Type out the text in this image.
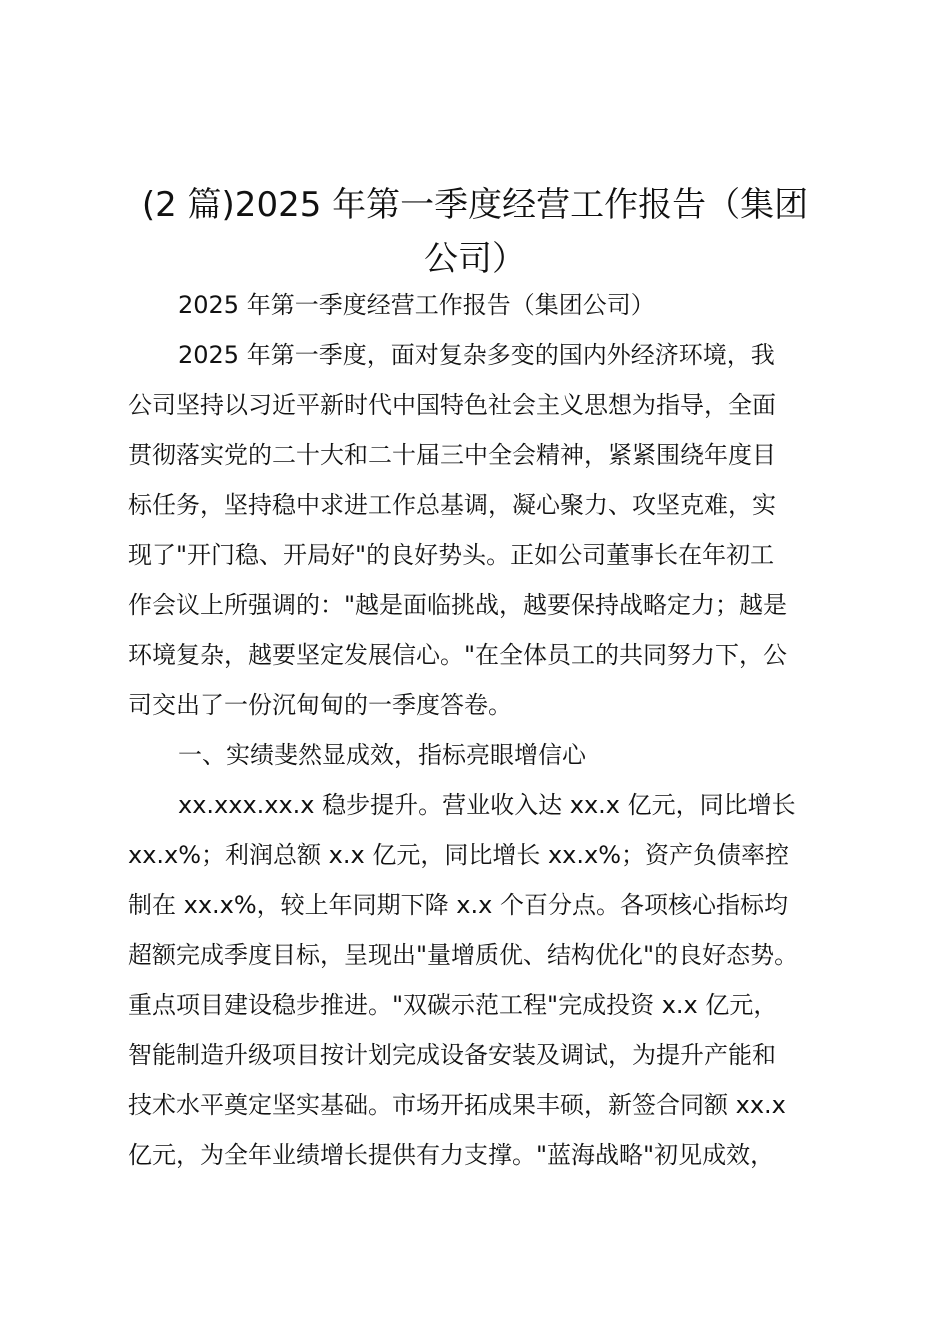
(2 篇)2025 年第一季度经营工作报告（集团
公司）

2025 年第一季度经营工作报告（集团公司）

2025 年第一季度，面对复杂多变的国内外经济环境，我

公司坚持以习近平新时代中国特色社会主义思想为指导，全面

贯彻落实党的二十大和二十届三中全会精神，紧紧围绕年度目

标任务，坚持稳中求进工作总基调，凝心聚力、攻坚克难，实

现了"开门稳、开局好"的良好势头。正如公司董事长在年初工

作会议上所强调的："越是面临挑战，越要保持战略定力；越是

环境复杂，越要坚定发展信心。"在全体员工的共同努力下，公

司交出了一份沉甸甸的一季度答卷。

一、实绩斐然显成效，指标亮眼增信心

xx.xxx.xx.x 稳步提升。营业收入达 xx.x 亿元，同比增长

xx.x%；利润总额 x.x 亿元，同比增长 xx.x%；资产负债率控

制在 xx.x%，较上年同期下降 x.x 个百分点。各项核心指标均

超额完成季度目标，呈现出"量增质优、结构优化"的良好态势。

重点项目建设稳步推进。"双碳示范工程"完成投资 x.x 亿元，

智能制造升级项目按计划完成设备安装及调试，为提升产能和

技术水平奠定坚实基础。市场开拓成果丰硕，新签合同额 xx.x

亿元，为全年业绩增长提供有力支撑。"蓝海战略"初见成效，
